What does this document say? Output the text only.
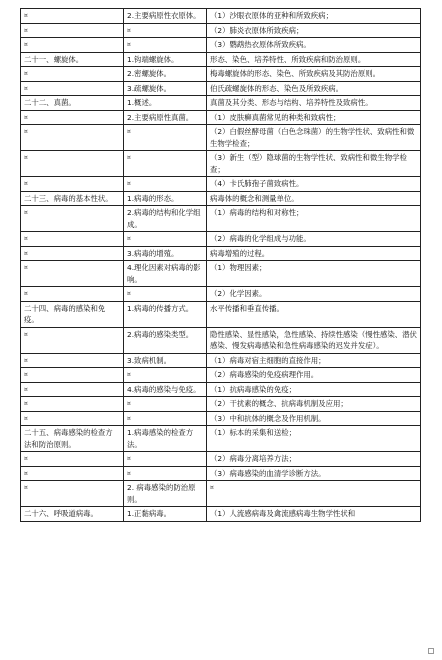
¤	2.主要病原性衣原体。	（1）沙眼衣原体的亚种和所致疾病；
¤	¤	（2）肺炎衣原体所致疾病；
¤	¤	（3）鹦鹉热衣原体所致疾病。
二十一、螺旋体。	1.钩端螺旋体。	形态、染色、培养特性、所致疾病和防治原则。
¤	2.密螺旋体。	梅毒螺旋体的形态、染色、所致疾病及其防治原则。
¤	3.疏螺旋体。	伯氏疏螺旋体的形态、染色及所致疾病。
二十二、真菌。	1.概述。	真菌及其分类、形态与结构、培养特性及致病性。
¤	2.主要病原性真菌。	（1）皮肤癣真菌常见的种类和致病性；
¤	¤	（2）白假丝酵母菌（白色念珠菌）的生物学性状、致病性和微生物学检查；
¤	¤	（3）新生（型）隐球菌的生物学性状、致病性和微生物学检查；
¤	¤	（4）卡氏肺孢子菌致病性。
二十三、病毒的基本性状。	1.病毒的形态。	病毒体的概念和测量单位。
¤	2.病毒的结构和化学组成。	（1）病毒的结构和对称性；
¤	¤	（2）病毒的化学组成与功能。
¤	3.病毒的增殖。	病毒增殖的过程。
¤	4.理化因素对病毒的影响。	（1）物理因素；
¤	¤	（2）化学因素。
二十四、病毒的感染和免疫。	1.病毒的传播方式。	水平传播和垂直传播。
¤	2.病毒的感染类型。	隐性感染、显性感染，急性感染、持续性感染（慢性感染、潜伏感染、慢发病毒感染和急性病毒感染的迟发并发症）。
¤	3.致病机制。	（1）病毒对宿主细胞的直接作用；
¤	¤	（2）病毒感染的免疫病理作用。
¤	4.病毒的感染与免疫。	（1）抗病毒感染的免疫；
¤	¤	（2）干扰素的概念、抗病毒机制及应用；
¤	¤	（3）中和抗体的概念及作用机制。
二十五、病毒感染的检查方法和防治原则。	1.病毒感染的检查方法。	（1）标本的采集和送检；
¤	¤	（2）病毒分离培养方法；
¤	¤	（3）病毒感染的血清学诊断方法。
¤	2. 病毒感染的防治原则。	¤
二十六、呼吸道病毒。	1.正黏病毒。	（1）人流感病毒及禽流感病毒生物学性状和
